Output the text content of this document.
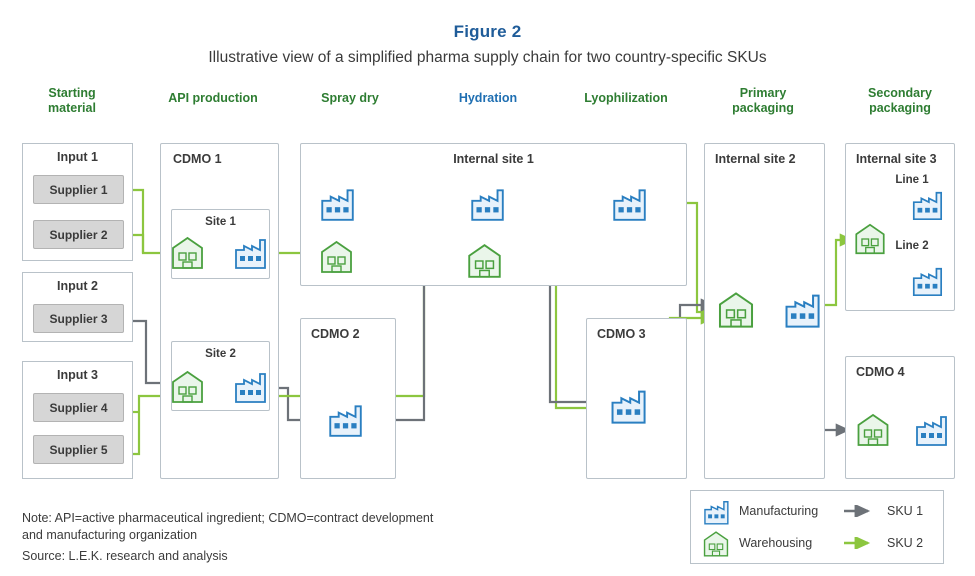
Figure 2
Illustrative view of a simplified pharma supply chain for two country-specific SKUs
Starting
material
API production	Spray dry	Hydration	Lyophilization	Primary
packaging
Secondary
packaging
Input 1
Supplier 1
Supplier 2
Input 2
Supplier 3
Input 3
Supplier 4
Supplier 5
CDMO 1
Site 1
Site 2
Internal site 1
CDMO 2	CDMO 3
Internal site 2	Internal site 3
Line 1
Line 2
CDMO 4
Manufacturing
Warehousing
SKU 1
SKU 2
Note: API=active pharmaceutical ingredient; CDMO=contract development
and manufacturing organization
Source: L.E.K. research and analysis
